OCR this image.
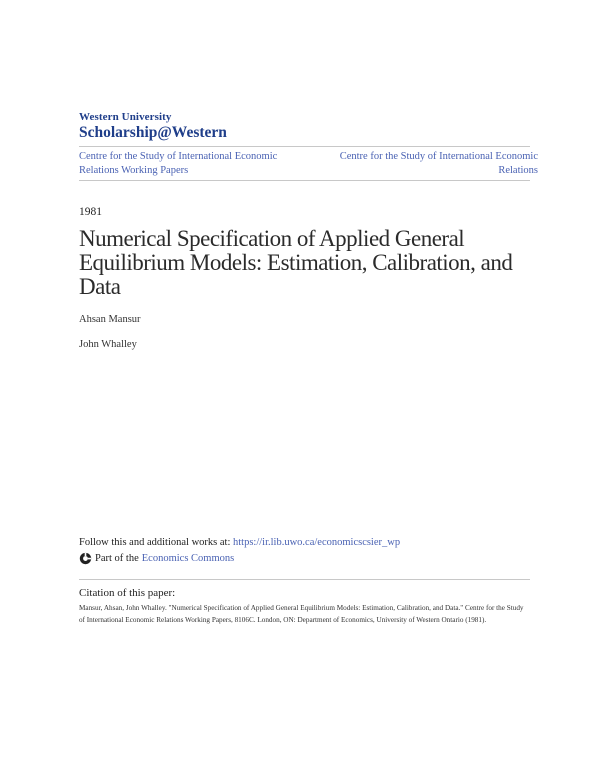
Western University
Scholarship@Western
Centre for the Study of International Economic Relations Working Papers
Centre for the Study of International Economic Relations
1981
Numerical Specification of Applied General Equilibrium Models: Estimation, Calibration, and Data
Ahsan Mansur
John Whalley
Follow this and additional works at: https://ir.lib.uwo.ca/economicscsier_wp
Part of the Economics Commons
Citation of this paper:
Mansur, Ahsan, John Whalley. "Numerical Specification of Applied General Equilibrium Models: Estimation, Calibration, and Data." Centre for the Study of International Economic Relations Working Papers, 8106C. London, ON: Department of Economics, University of Western Ontario (1981).
